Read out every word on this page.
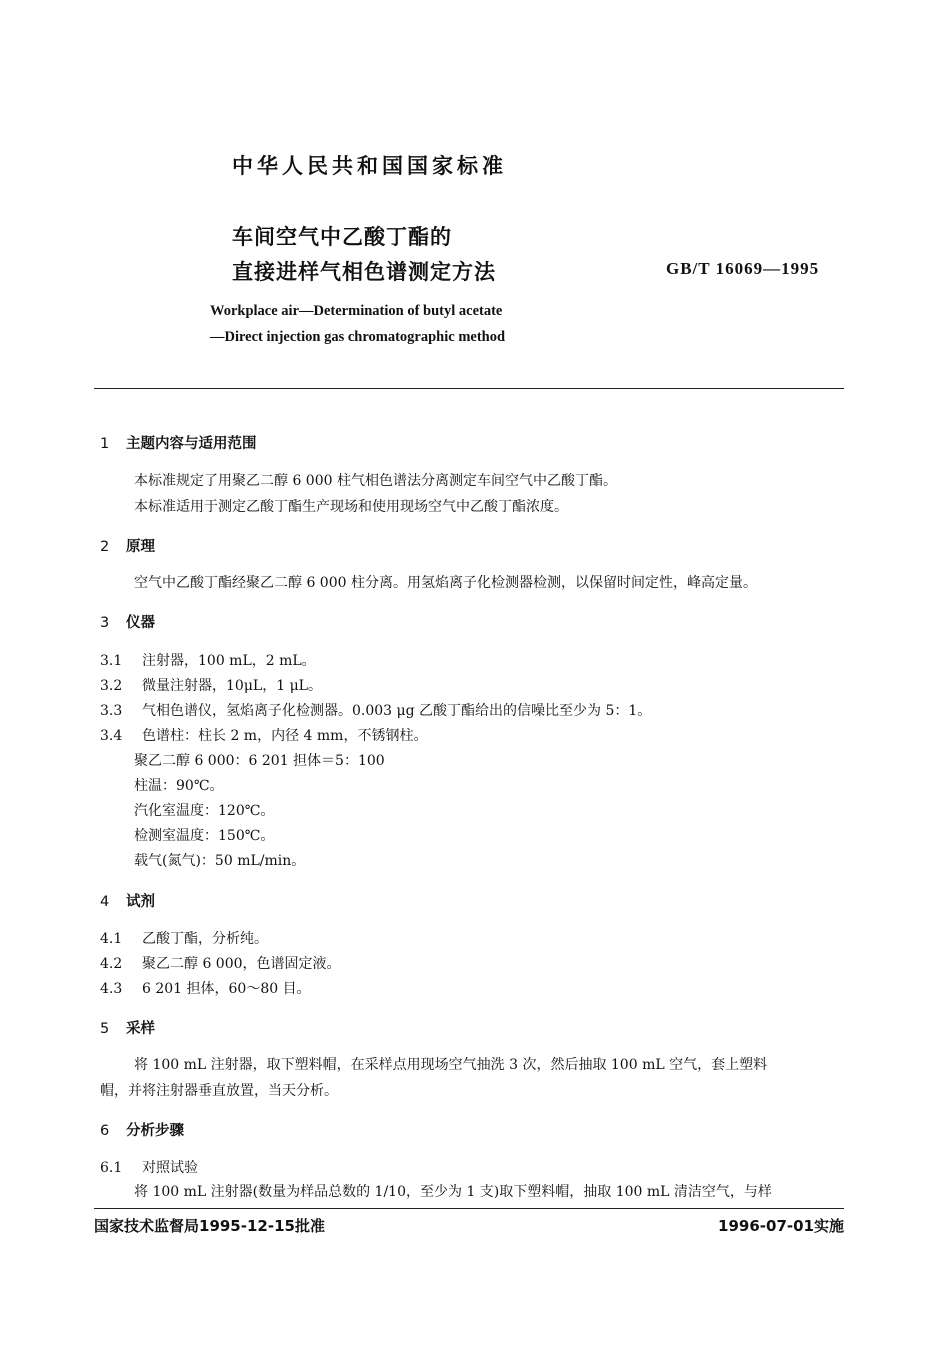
中华人民共和国国家标准
车间空气中乙酸丁酯的
直接进样气相色谱测定方法	GB/T 16069—1995
Workplace air—Determination of butyl acetate
—Direct injection gas chromatographic method
1 主题内容与适用范围
本标准规定了用聚乙二醇 6 000 柱气相色谱法分离测定车间空气中乙酸丁酯。
本标准适用于测定乙酸丁酯生产现场和使用现场空气中乙酸丁酯浓度。
2 原理
空气中乙酸丁酯经聚乙二醇 6 000 柱分离。用氢焰离子化检测器检测，以保留时间定性，峰高定量。
3 仪器
3.1 注射器，100 mL，2 mL。
3.2 微量注射器，10μL，1 μL。
3.3 气相色谱仪，氢焰离子化检测器。0.003 μg 乙酸丁酯给出的信噪比至少为 5：1。
3.4 色谱柱：柱长 2 m，内径 4 mm，不锈钢柱。
聚乙二醇 6 000：6 201 担体＝5：100
柱温：90℃。
汽化室温度：120℃。
检测室温度：150℃。
载气(氮气)：50 mL/min。
4 试剂
4.1 乙酸丁酯，分析纯。
4.2 聚乙二醇 6 000，色谱固定液。
4.3 6 201 担体，60～80 目。
5 采样
将 100 mL 注射器，取下塑料帽，在采样点用现场空气抽洗 3 次，然后抽取 100 mL 空气，套上塑料
帽，并将注射器垂直放置，当天分析。
6 分析步骤
6.1 对照试验
将 100 mL 注射器(数量为样品总数的 1/10，至少为 1 支)取下塑料帽，抽取 100 mL 清洁空气，与样
国家技术监督局1995-12-15批准	1996-07-01实施
